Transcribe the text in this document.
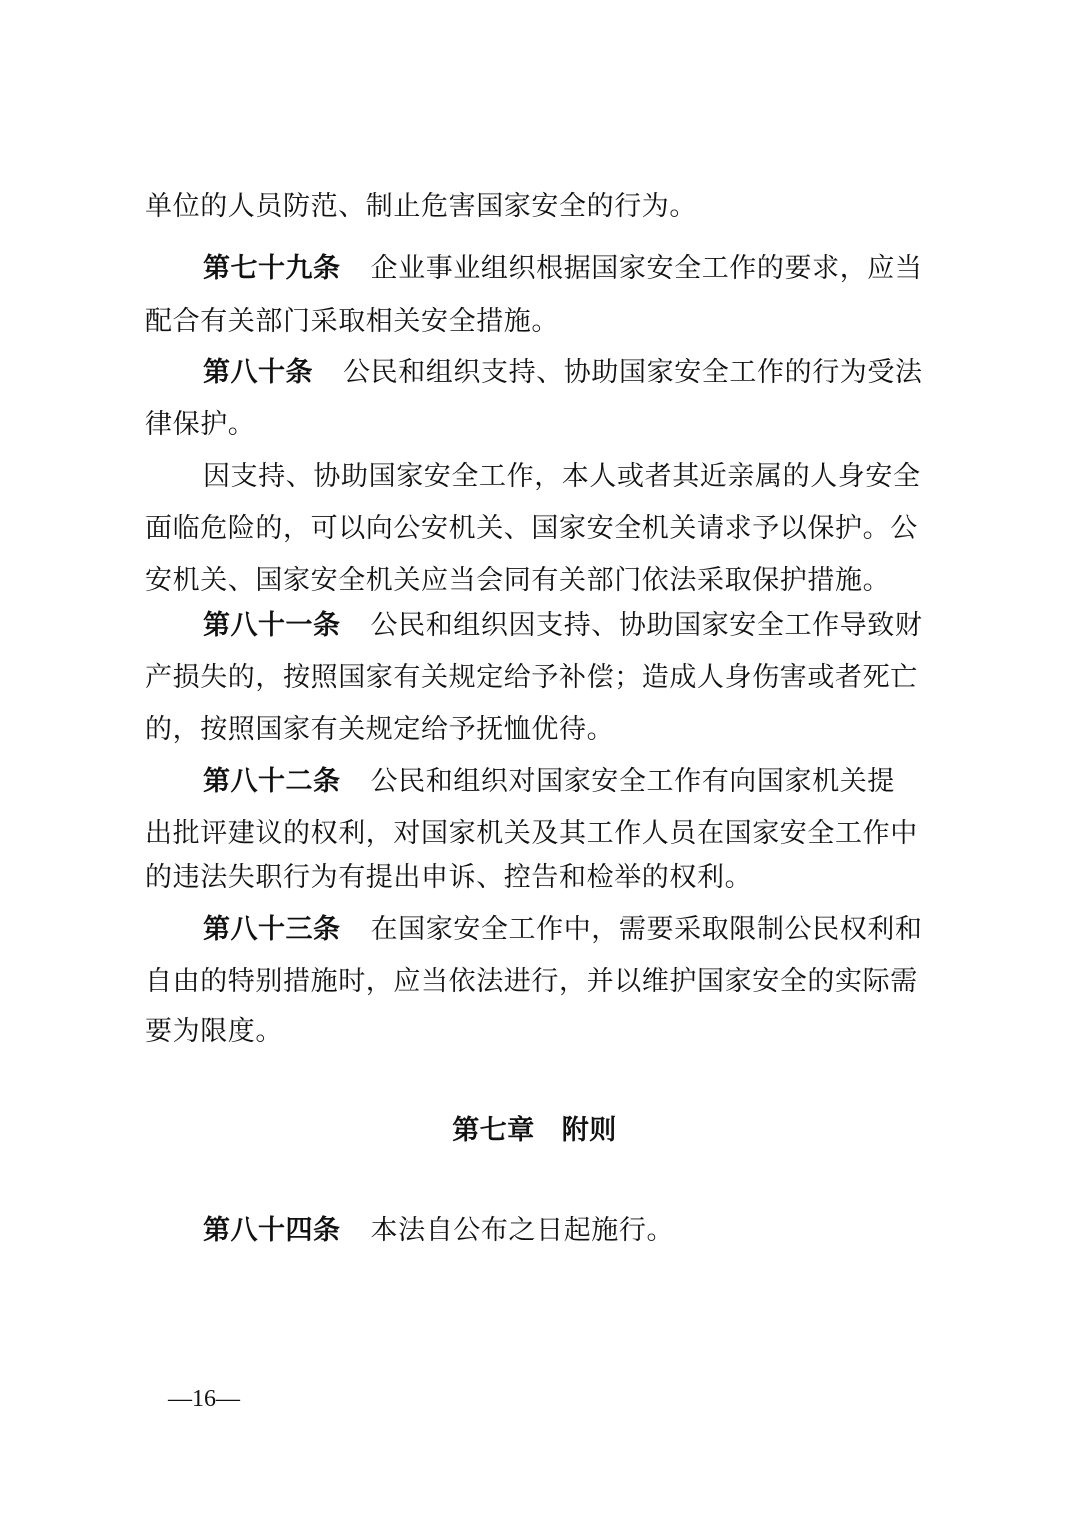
单位的人员防范、制止危害国家安全的行为。
第七十九条 企业事业组织根据国家安全工作的要求，应当
配合有关部门采取相关安全措施。
第八十条 公民和组织支持、协助国家安全工作的行为受法
律保护。
因支持、协助国家安全工作，本人或者其近亲属的人身安全
面临危险的，可以向公安机关、国家安全机关请求予以保护。公
安机关、国家安全机关应当会同有关部门依法采取保护措施。
第八十一条 公民和组织因支持、协助国家安全工作导致财
产损失的，按照国家有关规定给予补偿；造成人身伤害或者死亡
的，按照国家有关规定给予抚恤优待。
第八十二条 公民和组织对国家安全工作有向国家机关提
出批评建议的权利，对国家机关及其工作人员在国家安全工作中
的违法失职行为有提出申诉、控告和检举的权利。
第八十三条 在国家安全工作中，需要采取限制公民权利和
自由的特别措施时，应当依法进行，并以维护国家安全的实际需
要为限度。
第七章 附则
第八十四条 本法自公布之日起施行。
—16—
